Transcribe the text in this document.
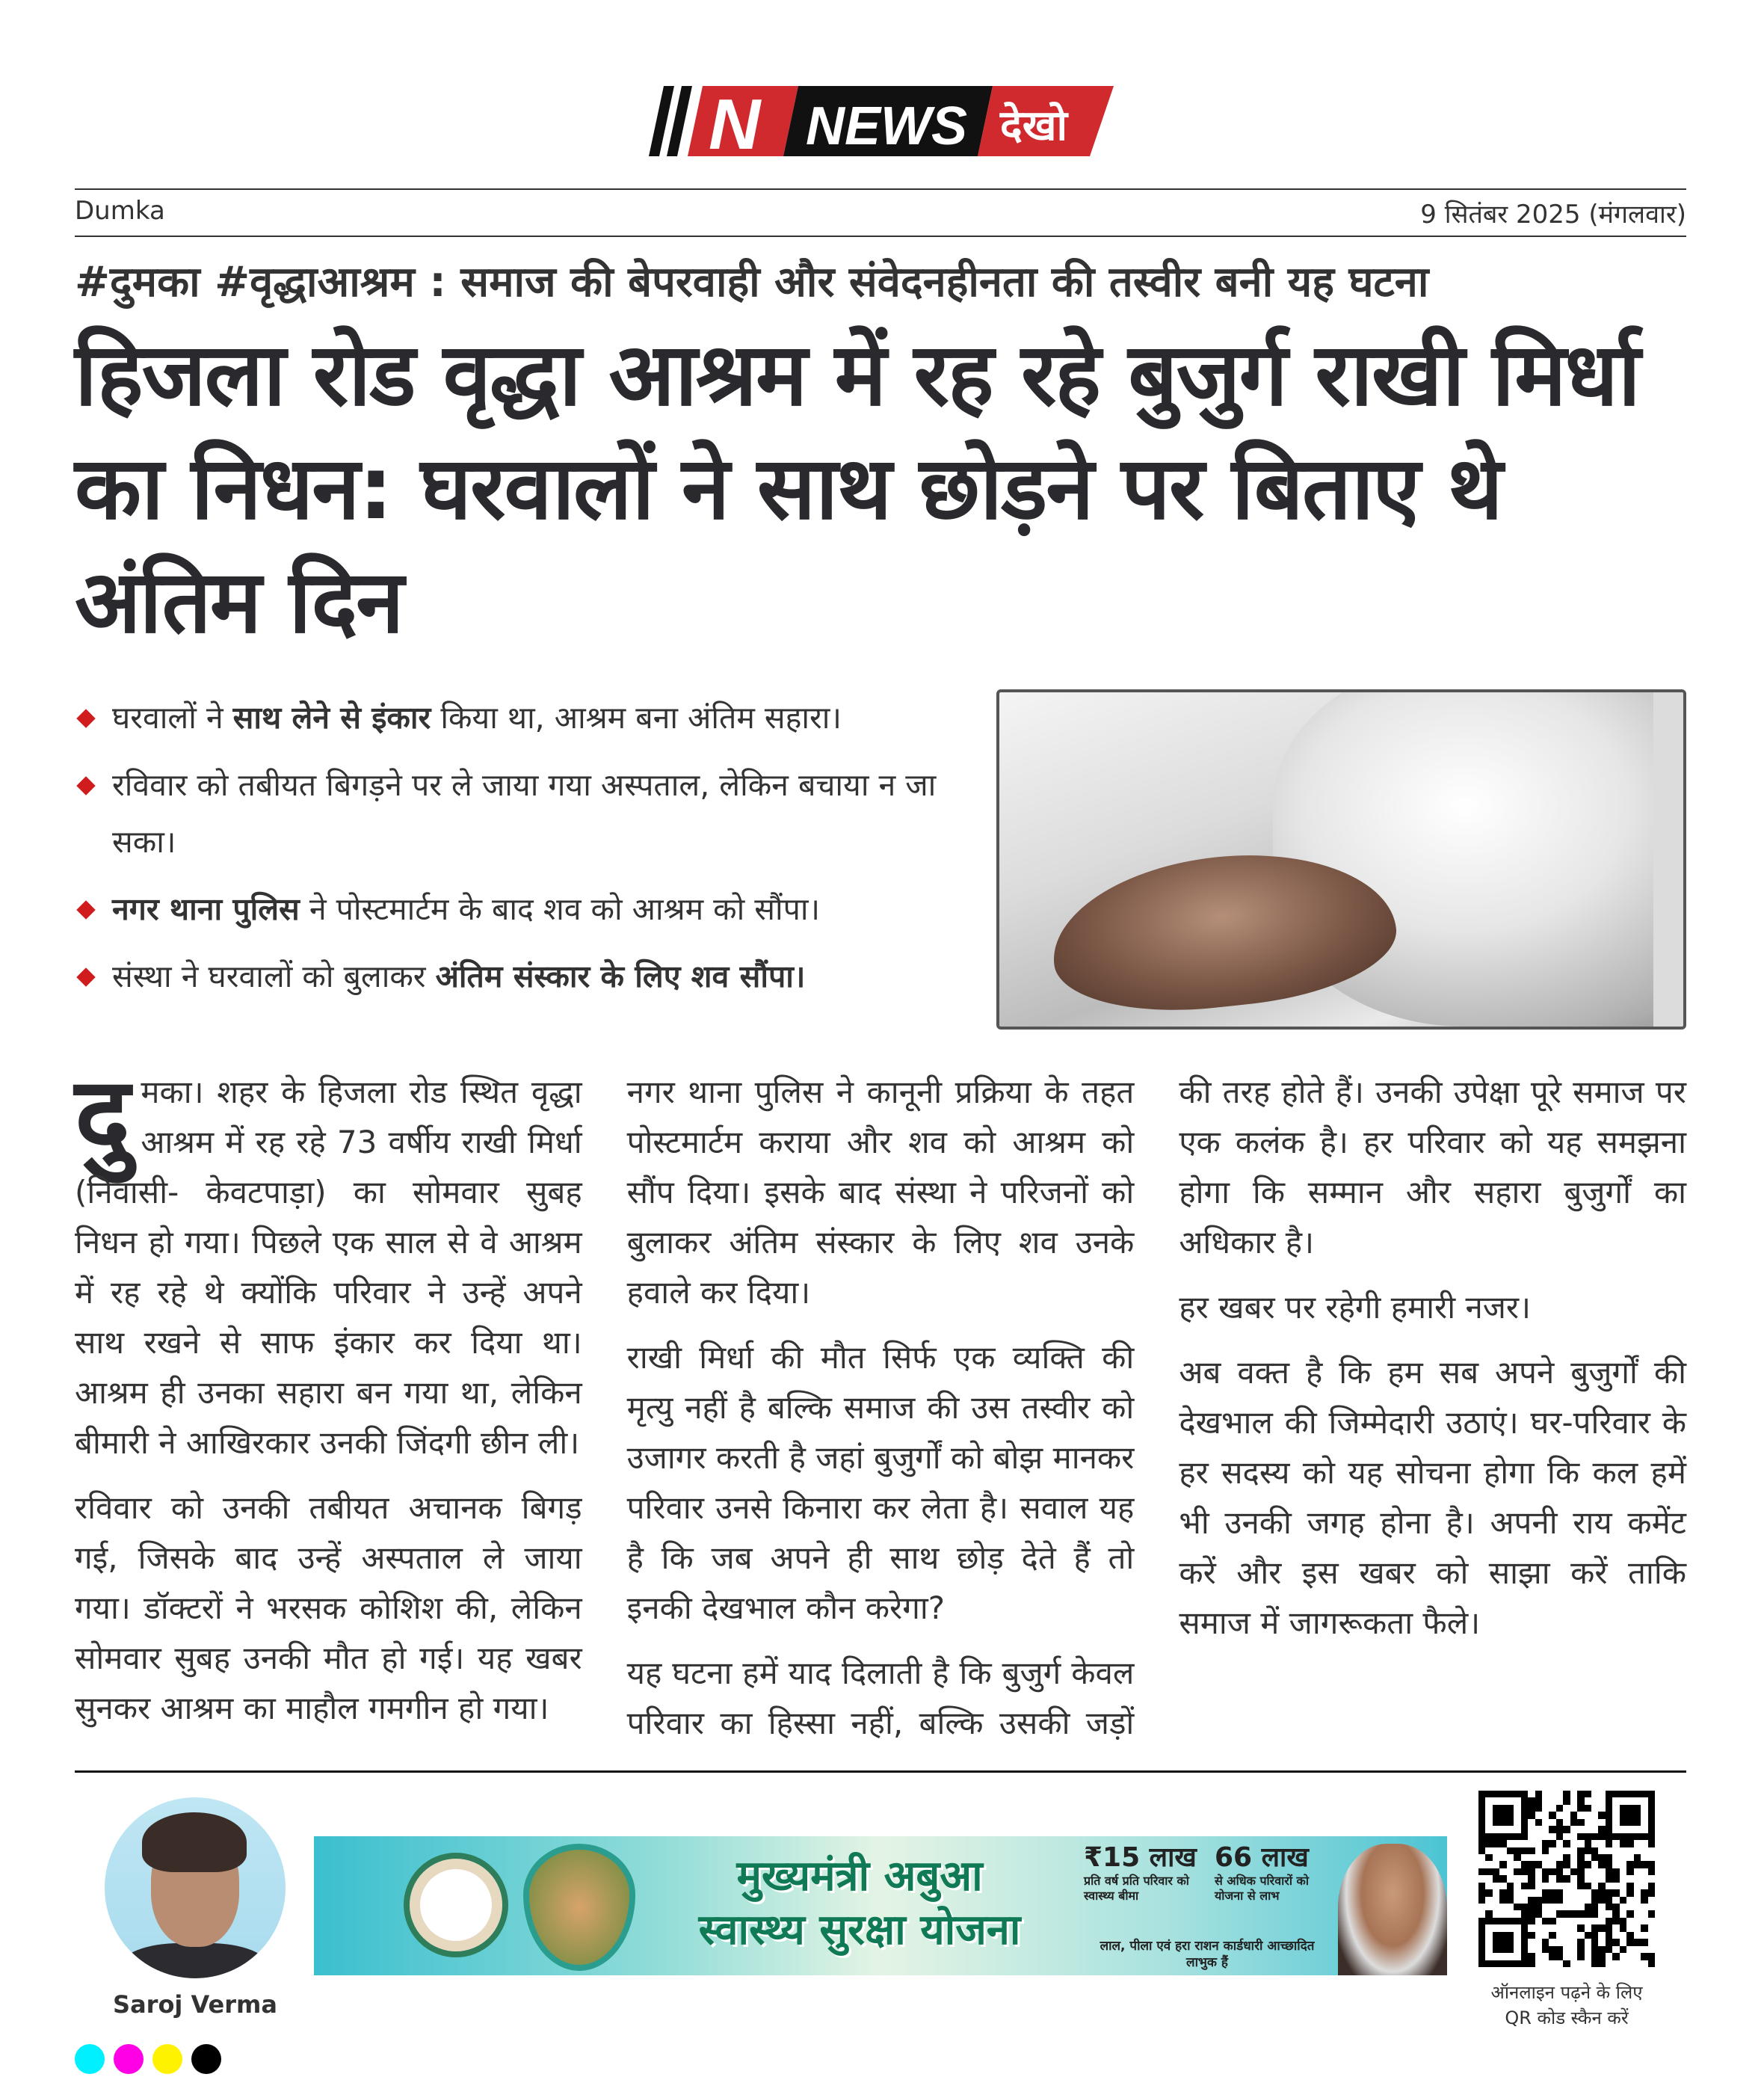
N NEWS देखो
Dumka	9 सितंबर 2025 (मंगलवार)
#दुमका #वृद्धाआश्रम : समाज की बेपरवाही और संवेदनहीनता की तस्वीर बनी यह घटना
हिजला रोड वृद्धा आश्रम में रह रहे बुजुर्ग राखी मिर्धा का निधन: घरवालों ने साथ छोड़ने पर बिताए थे अंतिम दिन
घरवालों ने साथ लेने से इंकार किया था, आश्रम बना अंतिम सहारा।
रविवार को तबीयत बिगड़ने पर ले जाया गया अस्पताल, लेकिन बचाया न जा सका।
नगर थाना पुलिस ने पोस्टमार्टम के बाद शव को आश्रम को सौंपा।
संस्था ने घरवालों को बुलाकर अंतिम संस्कार के लिए शव सौंपा।

दुमका। शहर के हिजला रोड स्थित वृद्धा आश्रम में रह रहे 73 वर्षीय राखी मिर्धा (निवासी- केवटपाड़ा) का सोमवार सुबह निधन हो गया। पिछले एक साल से वे आश्रम में रह रहे थे क्योंकि परिवार ने उन्हें अपने साथ रखने से साफ इंकार कर दिया था। आश्रम ही उनका सहारा बन गया था, लेकिन बीमारी ने आखिरकार उनकी जिंदगी छीन ली।

रविवार को उनकी तबीयत अचानक बिगड़ गई, जिसके बाद उन्हें अस्पताल ले जाया गया। डॉक्टरों ने भरसक कोशिश की, लेकिन सोमवार सुबह उनकी मौत हो गई। यह खबर सुनकर आश्रम का माहौल गमगीन हो गया।

नगर थाना पुलिस ने कानूनी प्रक्रिया के तहत पोस्टमार्टम कराया और शव को आश्रम को सौंप दिया। इसके बाद संस्था ने परिजनों को बुलाकर अंतिम संस्कार के लिए शव उनके हवाले कर दिया।

राखी मिर्धा की मौत सिर्फ एक व्यक्ति की मृत्यु नहीं है बल्कि समाज की उस तस्वीर को उजागर करती है जहां बुजुर्गों को बोझ मानकर परिवार उनसे किनारा कर लेता है। सवाल यह है कि जब अपने ही साथ छोड़ देते हैं तो इनकी देखभाल कौन करेगा?

यह घटना हमें याद दिलाती है कि बुजुर्ग केवल परिवार का हिस्सा नहीं, बल्कि उसकी जड़ों की तरह होते हैं। उनकी उपेक्षा पूरे समाज पर एक कलंक है। हर परिवार को यह समझना होगा कि सम्मान और सहारा बुजुर्गों का अधिकार है।

हर खबर पर रहेगी हमारी नजर।

अब वक्त है कि हम सब अपने बुजुर्गों की देखभाल की जिम्मेदारी उठाएं। घर-परिवार के हर सदस्य को यह सोचना होगा कि कल हमें भी उनकी जगह होना है। अपनी राय कमेंट करें और इस खबर को साझा करें ताकि समाज में जागरूकता फैले।

Saroj Verma
मुख्यमंत्री अबुआ
स्वास्थ्य सुरक्षा योजना
₹15 लाख
प्रति वर्ष प्रति परिवार को स्वास्थ्य बीमा
66 लाख
से अधिक परिवारों को योजना से लाभ
लाल, पीला एवं हरा राशन कार्डधारी आच्छादित लाभुक हैं
ऑनलाइन पढ़ने के लिए
QR कोड स्कैन करें
